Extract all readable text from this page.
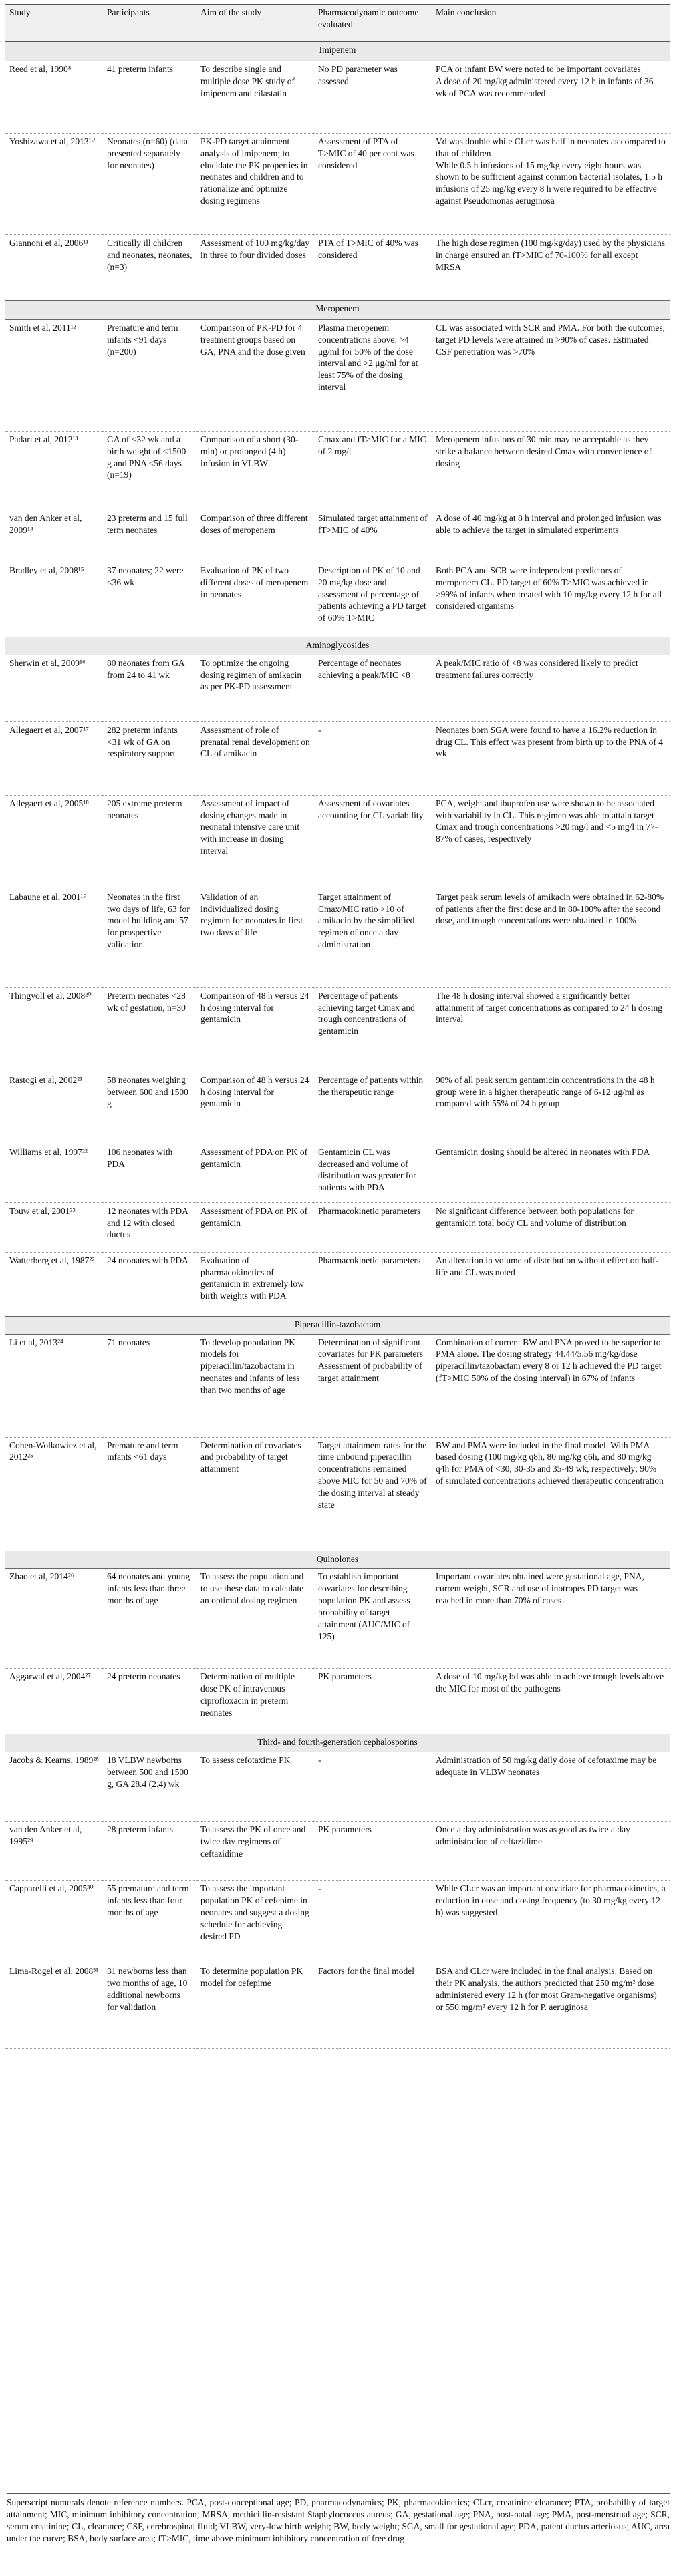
Study	Participants	Aim of the study	Pharmacodynamic outcome evaluated	Main conclusion
Imipenem				
Reed et al, 1990⁸	41 preterm infants	To describe single and multiple dose PK study of imipenem and cilastatin	No PD parameter was assessed	PCA or infant BW were noted to be important covariates
A dose of 20 mg/kg administered every 12 h in infants of 36 wk of PCA was recommended
Yoshizawa et al, 2013¹⁰	Neonates (n=60) (data presented separately for neonates)	PK-PD target attainment analysis of imipenem; to elucidate the PK properties in neonates and children and to rationalize and optimize dosing regimens	Assessment of PTA of T>MIC of 40 per cent was considered	Vd was double while CLcr was half in neonates as compared to that of children
While 0.5 h infusions of 15 mg/kg every eight hours was shown to be sufficient against common bacterial isolates, 1.5 h infusions of 25 mg/kg every 8 h were required to be effective against Pseudomonas aeruginosa
Giannoni et al, 2006¹¹	Critically ill children and neonates, neonates, (n=3)	Assessment of 100 mg/kg/day in three to four divided doses	PTA of T>MIC of 40% was considered	The high dose regimen (100 mg/kg/day) used by the physicians in charge ensured an fT>MIC of 70-100% for all except MRSA
Meropenem				
Smith et al, 2011¹²	Premature and term infants <91 days (n=200)	Comparison of PK-PD for 4 treatment groups based on GA, PNA and the dose given	Plasma meropenem concentrations above: >4 μg/ml for 50% of the dose interval and >2 μg/ml for at least 75% of the dosing interval	CL was associated with SCR and PMA. For both the outcomes, target PD levels were attained in >90% of cases. Estimated CSF penetration was >70%
Padari et al, 2012¹³	GA of <32 wk and a birth weight of <1500 g and PNA <56 days (n=19)	Comparison of a short (30-min) or prolonged (4 h) infusion in VLBW	Cmax and fT>MIC for a MIC of 2 mg/l	Meropenem infusions of 30 min may be acceptable as they strike a balance between desired Cmax with convenience of dosing
van den Anker et al, 2009¹⁴	23 preterm and 15 full term neonates	Comparison of three different doses of meropenem	Simulated target attainment of fT>MIC of 40%	A dose of 40 mg/kg at 8 h interval and prolonged infusion was able to achieve the target in simulated experiments
Bradley et al, 2008¹⁵	37 neonates; 22 were <36 wk	Evaluation of PK of two different doses of meropenem in neonates	Description of PK of 10 and 20 mg/kg dose and assessment of percentage of patients achieving a PD target of 60% T>MIC	Both PCA and SCR were independent predictors of meropenem CL. PD target of 60% T>MIC was achieved in >99% of infants when treated with 10 mg/kg every 12 h for all considered organisms
Aminoglycosides				
Sherwin et al, 2009¹⁶	80 neonates from GA from 24 to 41 wk	To optimize the ongoing dosing regimen of amikacin as per PK-PD assessment	Percentage of neonates achieving a peak/MIC <8	A peak/MIC ratio of <8 was considered likely to predict treatment failures correctly
Allegaert et al, 2007¹⁷	282 preterm infants <31 wk of GA on respiratory support	Assessment of role of prenatal renal development on CL of amikacin	-	Neonates born SGA were found to have a 16.2% reduction in drug CL. This effect was present from birth up to the PNA of 4 wk
Allegaert et al, 2005¹⁸	205 extreme preterm neonates	Assessment of impact of dosing changes made in neonatal intensive care unit with increase in dosing interval	Assessment of covariates accounting for CL variability	PCA, weight and ibuprofen use were shown to be associated with variability in CL. This regimen was able to attain target Cmax and trough concentrations >20 mg/l and <5 mg/l in 77-87% of cases, respectively
Labaune et al, 2001¹⁹	Neonates in the first two days of life, 63 for model building and 57 for prospective validation	Validation of an individualized dosing regimen for neonates in first two days of life	Target attainment of Cmax/MIC ratio >10 of amikacin by the simplified regimen of once a day administration	Target peak serum levels of amikacin were obtained in 62-80% of patients after the first dose and in 80-100% after the second dose, and trough concentrations were obtained in 100%
Thingvoll et al, 2008²⁰	Preterm neonates <28 wk of gestation, n=30	Comparison of 48 h versus 24 h dosing interval for gentamicin	Percentage of patients achieving target Cmax and trough concentrations of gentamicin	The 48 h dosing interval showed a significantly better attainment of target concentrations as compared to 24 h dosing interval
Rastogi et al, 2002²¹	58 neonates weighing between 600 and 1500 g	Comparison of 48 h versus 24 h dosing interval for gentamicin	Percentage of patients within the therapeutic range	90% of all peak serum gentamicin concentrations in the 48 h group were in a higher therapeutic range of 6-12 μg/ml as compared with 55% of 24 h group
Williams et al, 1997²²	106 neonates with PDA	Assessment of PDA on PK of gentamicin	Gentamicin CL was decreased and volume of distribution was greater for patients with PDA	Gentamicin dosing should be altered in neonates with PDA
Touw et al, 2001²³	12 neonates with PDA and 12 with closed ductus	Assessment of PDA on PK of gentamicin	Pharmacokinetic parameters	No significant difference between both populations for gentamicin total body CL and volume of distribution
Watterberg et al, 1987²²	24 neonates with PDA	Evaluation of pharmacokinetics of gentamicin in extremely low birth weights with PDA	Pharmacokinetic parameters	An alteration in volume of distribution without effect on half-life and CL was noted
Piperacillin-tazobactam				
Li et al, 2013²⁴	71 neonates	To develop population PK models for piperacillin/tazobactam in neonates and infants of less than two months of age	Determination of significant covariates for PK parameters Assessment of probability of target attainment	Combination of current BW and PNA proved to be superior to PMA alone. The dosing strategy 44.44/5.56 mg/kg/dose piperacillin/tazobactam every 8 or 12 h achieved the PD target (fT>MIC 50% of the dosing interval) in 67% of infants
Cohen-Wolkowiez et al, 2012²⁵	Premature and term infants <61 days	Determination of covariates and probability of target attainment	Target attainment rates for the time unbound piperacillin concentrations remained above MIC for 50 and 70% of the dosing interval at steady state	BW and PMA were included in the final model. With PMA based dosing (100 mg/kg q8h, 80 mg/kg q6h, and 80 mg/kg q4h for PMA of <30, 30-35 and 35-49 wk, respectively; 90% of simulated concentrations achieved therapeutic concentration
Quinolones				
Zhao et al, 2014²⁶	64 neonates and young infants less than three months of age	To assess the population and to use these data to calculate an optimal dosing regimen	To establish important covariates for describing population PK and assess probability of target attainment (AUC/MIC of 125)	Important covariates obtained were gestational age, PNA, current weight, SCR and use of inotropes PD target was reached in more than 70% of cases
Aggarwal et al, 2004²⁷	24 preterm neonates	Determination of multiple dose PK of intravenous ciprofloxacin in preterm neonates	PK parameters	A dose of 10 mg/kg bd was able to achieve trough levels above the MIC for most of the pathogens
Third- and fourth-generation cephalosporins				
Jacobs & Kearns, 1989²⁸	18 VLBW newborns between 500 and 1500 g, GA 28.4 (2.4) wk	To assess cefotaxime PK	-	Administration of 50 mg/kg daily dose of cefotaxime may be adequate in VLBW neonates
van den Anker et al, 1995²⁹	28 preterm infants	To assess the PK of once and twice day regimens of ceftazidime	PK parameters	Once a day administration was as good as twice a day administration of ceftazidime
Capparelli et al, 2005³⁰	55 premature and term infants less than four months of age	To assess the important population PK of cefepime in neonates and suggest a dosing schedule for achieving desired PD	-	While CLcr was an important covariate for pharmacokinetics, a reduction in dose and dosing frequency (to 30 mg/kg every 12 h) was suggested
Lima-Rogel et al, 2008³¹	31 newborns less than two months of age, 10 additional newborns for validation	To determine population PK model for cefepime	Factors for the final model	BSA and CLcr were included in the final analysis. Based on their PK analysis, the authors predicted that 250 mg/m² dose administered every 12 h (for most Gram-negative organisms) or 550 mg/m² every 12 h for P. aeruginosa
Superscript numerals denote reference numbers. PCA, post-conceptional age; PD, pharmacodynamics; PK, pharmacokinetics; CLcr, creatinine clearance; PTA, probability of target attainment; MIC, minimum inhibitory concentration; MRSA, methicillin-resistant Staphylococcus aureus; GA, gestational age; PNA, post-natal age; PMA, post-menstrual age; SCR, serum creatinine; CL, clearance; CSF, cerebrospinal fluid; VLBW, very-low birth weight; BW, body weight; SGA, small for gestational age; PDA, patent ductus arteriosus; AUC, area under the curve; BSA, body surface area; fT>MIC, time above minimum inhibitory concentration of free drug
